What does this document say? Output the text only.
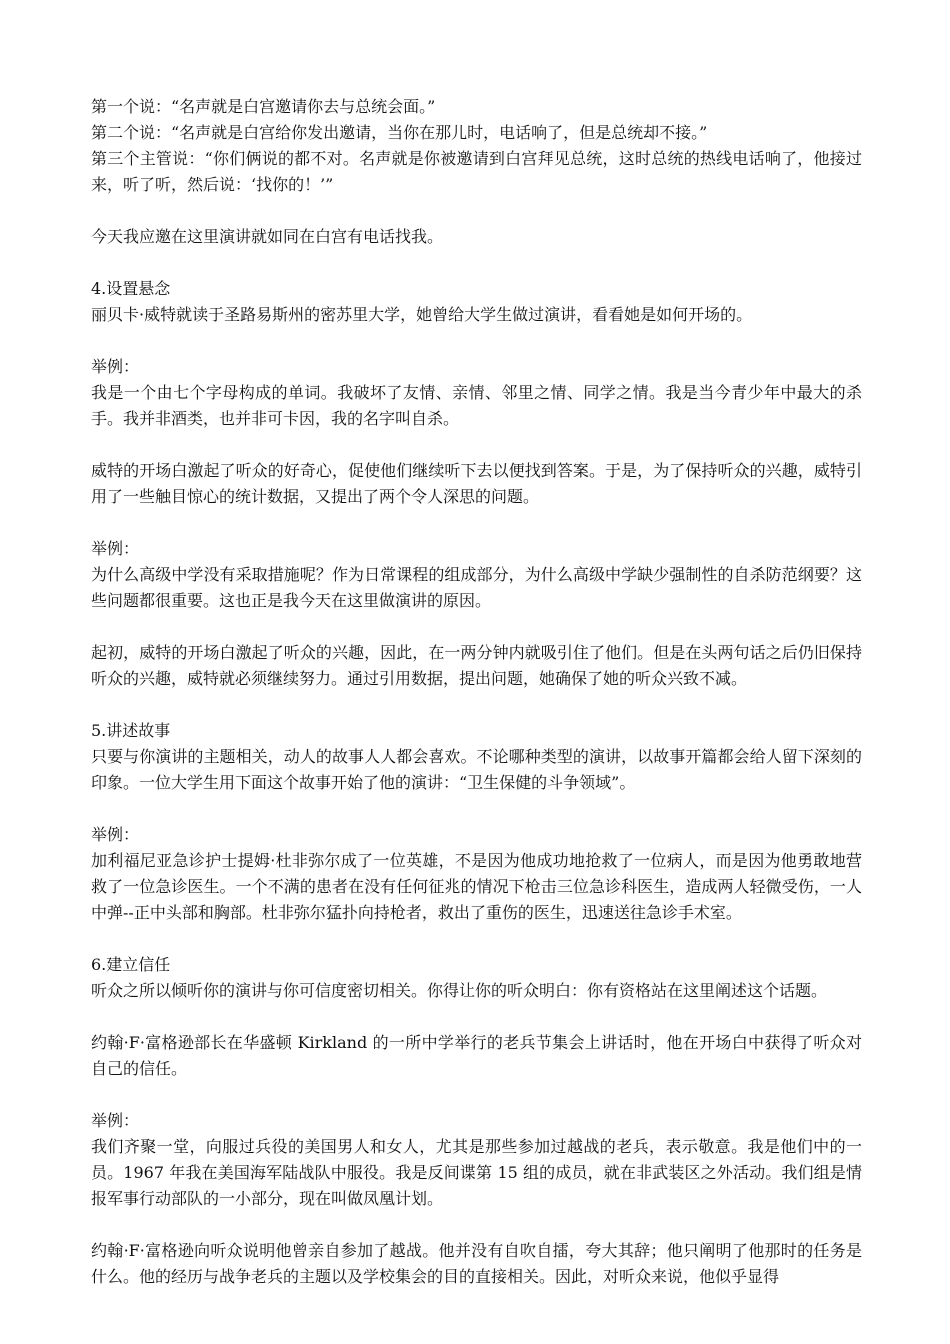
第一个说：“名声就是白宫邀请你去与总统会面。”

第二个说：“名声就是白宫给你发出邀请，当你在那儿时，电话响了，但是总统却不接。”

第三个主管说：“你们俩说的都不对。名声就是你被邀请到白宫拜见总统，这时总统的热线电话响了，他接过来，听了听，然后说：‘找你的！’”

今天我应邀在这里演讲就如同在白宫有电话找我。

4.设置悬念

丽贝卡·威特就读于圣路易斯州的密苏里大学，她曾给大学生做过演讲，看看她是如何开场的。

举例：

我是一个由七个字母构成的单词。我破坏了友情、亲情、邻里之情、同学之情。我是当今青少年中最大的杀手。我并非酒类，也并非可卡因，我的名字叫自杀。

威特的开场白激起了听众的好奇心，促使他们继续听下去以便找到答案。于是，为了保持听众的兴趣，威特引用了一些触目惊心的统计数据，又提出了两个令人深思的问题。

举例：

为什么高级中学没有采取措施呢？作为日常课程的组成部分，为什么高级中学缺少强制性的自杀防范纲要？这些问题都很重要。这也正是我今天在这里做演讲的原因。

起初，威特的开场白激起了听众的兴趣，因此，在一两分钟内就吸引住了他们。但是在头两句话之后仍旧保持听众的兴趣，威特就必须继续努力。通过引用数据，提出问题，她确保了她的听众兴致不减。

5.讲述故事

只要与你演讲的主题相关，动人的故事人人都会喜欢。不论哪种类型的演讲，以故事开篇都会给人留下深刻的印象。一位大学生用下面这个故事开始了他的演讲：“卫生保健的斗争领域”。

举例：

加利福尼亚急诊护士提姆·杜非弥尔成了一位英雄，不是因为他成功地抢救了一位病人，而是因为他勇敢地营救了一位急诊医生。一个不满的患者在没有任何征兆的情况下枪击三位急诊科医生，造成两人轻微受伤，一人中弹--正中头部和胸部。杜非弥尔猛扑向持枪者，救出了重伤的医生，迅速送往急诊手术室。

6.建立信任

听众之所以倾听你的演讲与你可信度密切相关。你得让你的听众明白：你有资格站在这里阐述这个话题。

约翰·F·富格逊部长在华盛顿 Kirkland 的一所中学举行的老兵节集会上讲话时，他在开场白中获得了听众对自己的信任。

举例：

我们齐聚一堂，向服过兵役的美国男人和女人，尤其是那些参加过越战的老兵，表示敬意。我是他们中的一员。1967 年我在美国海军陆战队中服役。我是反间谍第 15 组的成员，就在非武装区之外活动。我们组是情报军事行动部队的一小部分，现在叫做凤凰计划。

约翰·F·富格逊向听众说明他曾亲自参加了越战。他并没有自吹自擂，夸大其辞；他只阐明了他那时的任务是什么。他的经历与战争老兵的主题以及学校集会的目的直接相关。因此，对听众来说，他似乎显得
